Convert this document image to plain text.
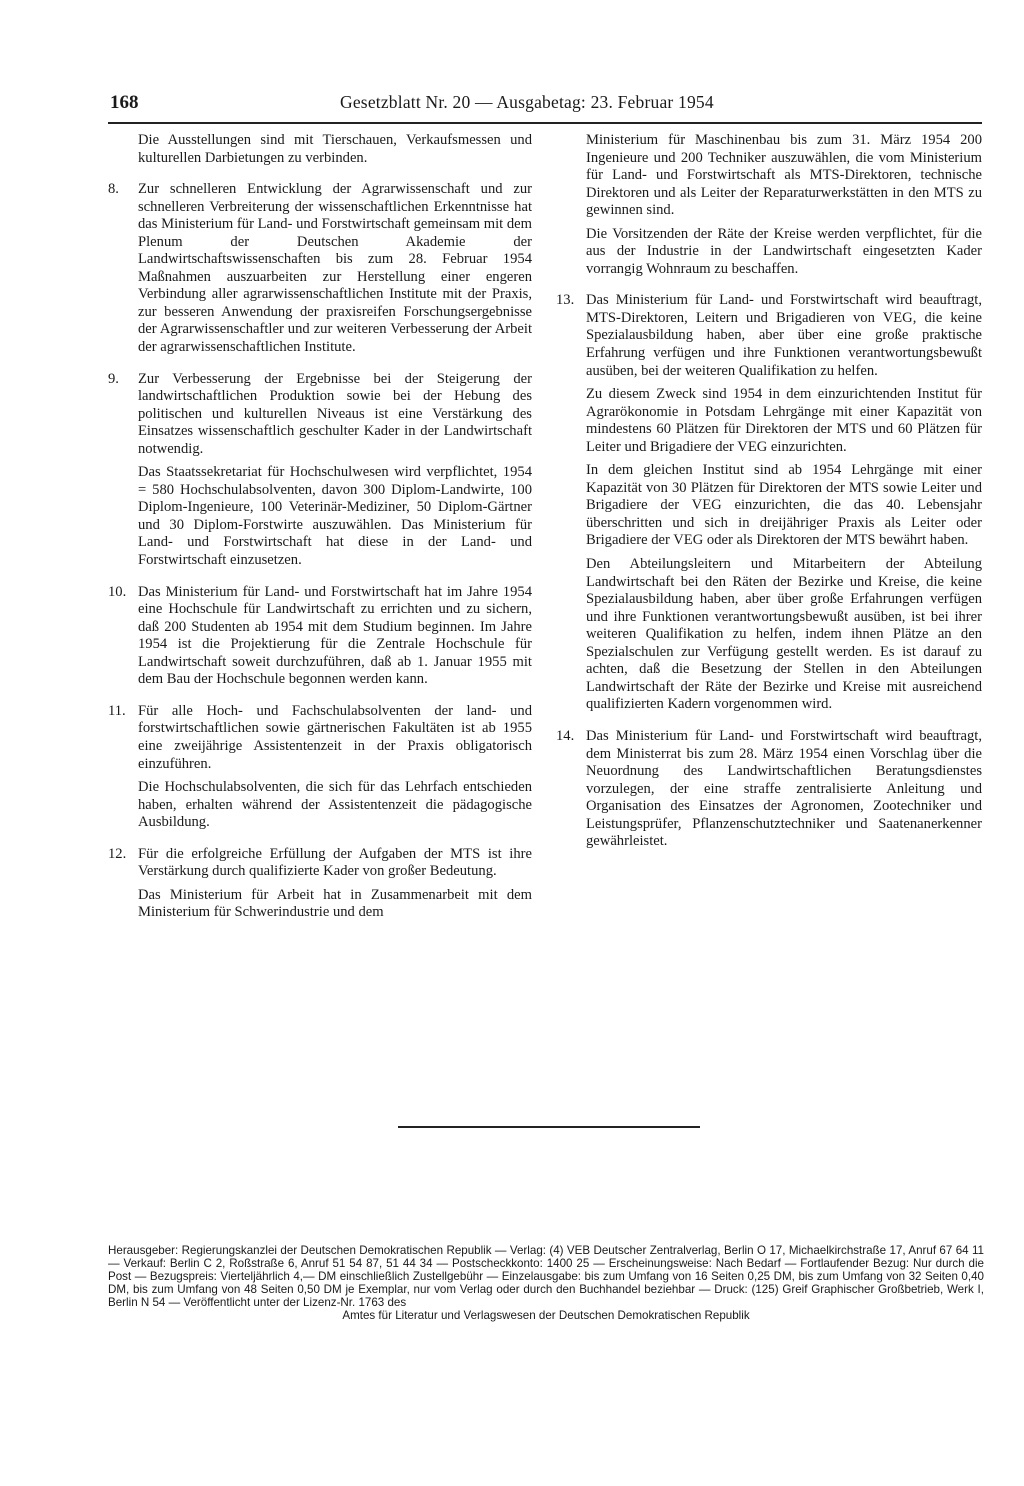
168	Gesetzblatt Nr. 20 — Ausgabetag: 23. Februar 1954

Die Ausstellungen sind mit Tierschauen, Verkaufsmessen und kulturellen Darbietungen zu verbinden.

8. Zur schnelleren Entwicklung der Agrarwissenschaft und zur schnelleren Verbreiterung der wissenschaftlichen Erkenntnisse hat das Ministerium für Land- und Forstwirtschaft gemeinsam mit dem Plenum der Deutschen Akademie der Landwirtschaftswissenschaften bis zum 28. Februar 1954 Maßnahmen auszuarbeiten zur Herstellung einer engeren Verbindung aller agrarwissenschaftlichen Institute mit der Praxis, zur besseren Anwendung der praxisreifen Forschungsergebnisse der Agrarwissenschaftler und zur weiteren Verbesserung der Arbeit der agrarwissenschaftlichen Institute.

9. Zur Verbesserung der Ergebnisse bei der Steigerung der landwirtschaftlichen Produktion sowie bei der Hebung des politischen und kulturellen Niveaus ist eine Verstärkung des Einsatzes wissenschaftlich geschulter Kader in der Landwirtschaft notwendig.

Das Staatssekretariat für Hochschulwesen wird verpflichtet, 1954 = 580 Hochschulabsolventen, davon 300 Diplom-Landwirte, 100 Diplom-Ingenieure, 100 Veterinär-Mediziner, 50 Diplom-Gärtner und 30 Diplom-Forstwirte auszuwählen. Das Ministerium für Land- und Forstwirtschaft hat diese in der Land- und Forstwirtschaft einzusetzen.

10. Das Ministerium für Land- und Forstwirtschaft hat im Jahre 1954 eine Hochschule für Landwirtschaft zu errichten und zu sichern, daß 200 Studenten ab 1954 mit dem Studium beginnen. Im Jahre 1954 ist die Projektierung für die Zentrale Hochschule für Landwirtschaft soweit durchzuführen, daß ab 1. Januar 1955 mit dem Bau der Hochschule begonnen werden kann.

11. Für alle Hoch- und Fachschulabsolventen der land- und forstwirtschaftlichen sowie gärtnerischen Fakultäten ist ab 1955 eine zweijährige Assistentenzeit in der Praxis obligatorisch einzuführen.

Die Hochschulabsolventen, die sich für das Lehrfach entschieden haben, erhalten während der Assistentenzeit die pädagogische Ausbildung.

12. Für die erfolgreiche Erfüllung der Aufgaben der MTS ist ihre Verstärkung durch qualifizierte Kader von großer Bedeutung.

Das Ministerium für Arbeit hat in Zusammenarbeit mit dem Ministerium für Schwerindustrie und dem

Ministerium für Maschinenbau bis zum 31. März 1954 200 Ingenieure und 200 Techniker auszuwählen, die vom Ministerium für Land- und Forstwirtschaft als MTS-Direktoren, technische Direktoren und als Leiter der Reparaturwerkstätten in den MTS zu gewinnen sind.

Die Vorsitzenden der Räte der Kreise werden verpflichtet, für die aus der Industrie in der Landwirtschaft eingesetzten Kader vorrangig Wohnraum zu beschaffen.

13. Das Ministerium für Land- und Forstwirtschaft wird beauftragt, MTS-Direktoren, Leitern und Brigadieren von VEG, die keine Spezialausbildung haben, aber über eine große praktische Erfahrung verfügen und ihre Funktionen verantwortungsbewußt ausüben, bei der weiteren Qualifikation zu helfen.

Zu diesem Zweck sind 1954 in dem einzurichtenden Institut für Agrarökonomie in Potsdam Lehrgänge mit einer Kapazität von mindestens 60 Plätzen für Direktoren der MTS und 60 Plätzen für Leiter und Brigadiere der VEG einzurichten.

In dem gleichen Institut sind ab 1954 Lehrgänge mit einer Kapazität von 30 Plätzen für Direktoren der MTS sowie Leiter und Brigadiere der VEG einzurichten, die das 40. Lebensjahr überschritten und sich in dreijähriger Praxis als Leiter oder Brigadiere der VEG oder als Direktoren der MTS bewährt haben.

Den Abteilungsleitern und Mitarbeitern der Abteilung Landwirtschaft bei den Räten der Bezirke und Kreise, die keine Spezialausbildung haben, aber über große Erfahrungen verfügen und ihre Funktionen verantwortungsbewußt ausüben, ist bei ihrer weiteren Qualifikation zu helfen, indem ihnen Plätze an den Spezialschulen zur Verfügung gestellt werden. Es ist darauf zu achten, daß die Besetzung der Stellen in den Abteilungen Landwirtschaft der Räte der Bezirke und Kreise mit ausreichend qualifizierten Kadern vorgenommen wird.

14. Das Ministerium für Land- und Forstwirtschaft wird beauftragt, dem Ministerrat bis zum 28. März 1954 einen Vorschlag über die Neuordnung des Landwirtschaftlichen Beratungsdienstes vorzulegen, der eine straffe zentralisierte Anleitung und Organisation des Einsatzes der Agronomen, Zootechniker und Leistungsprüfer, Pflanzenschutztechniker und Saatenanerkenner gewährleistet.

Herausgeber: Regierungskanzlei der Deutschen Demokratischen Republik — Verlag: (4) VEB Deutscher Zentralverlag, Berlin O 17, Michaelkirchstraße 17, Anruf 67 64 11 — Verkauf: Berlin C 2, Roßstraße 6, Anruf 51 54 87, 51 44 34 — Postscheckkonto: 1400 25 — Erscheinungsweise: Nach Bedarf — Fortlaufender Bezug: Nur durch die Post — Bezugspreis: Vierteljährlich 4,— DM einschließlich Zustellgebühr — Einzelausgabe: bis zum Umfang von 16 Seiten 0,25 DM, bis zum Umfang von 32 Seiten 0,40 DM, bis zum Umfang von 48 Seiten 0,50 DM je Exemplar, nur vom Verlag oder durch den Buchhandel beziehbar — Druck: (125) Greif Graphischer Großbetrieb, Werk I, Berlin N 54 — Veröffentlicht unter der Lizenz-Nr. 1763 des
Amtes für Literatur und Verlagswesen der Deutschen Demokratischen Republik
